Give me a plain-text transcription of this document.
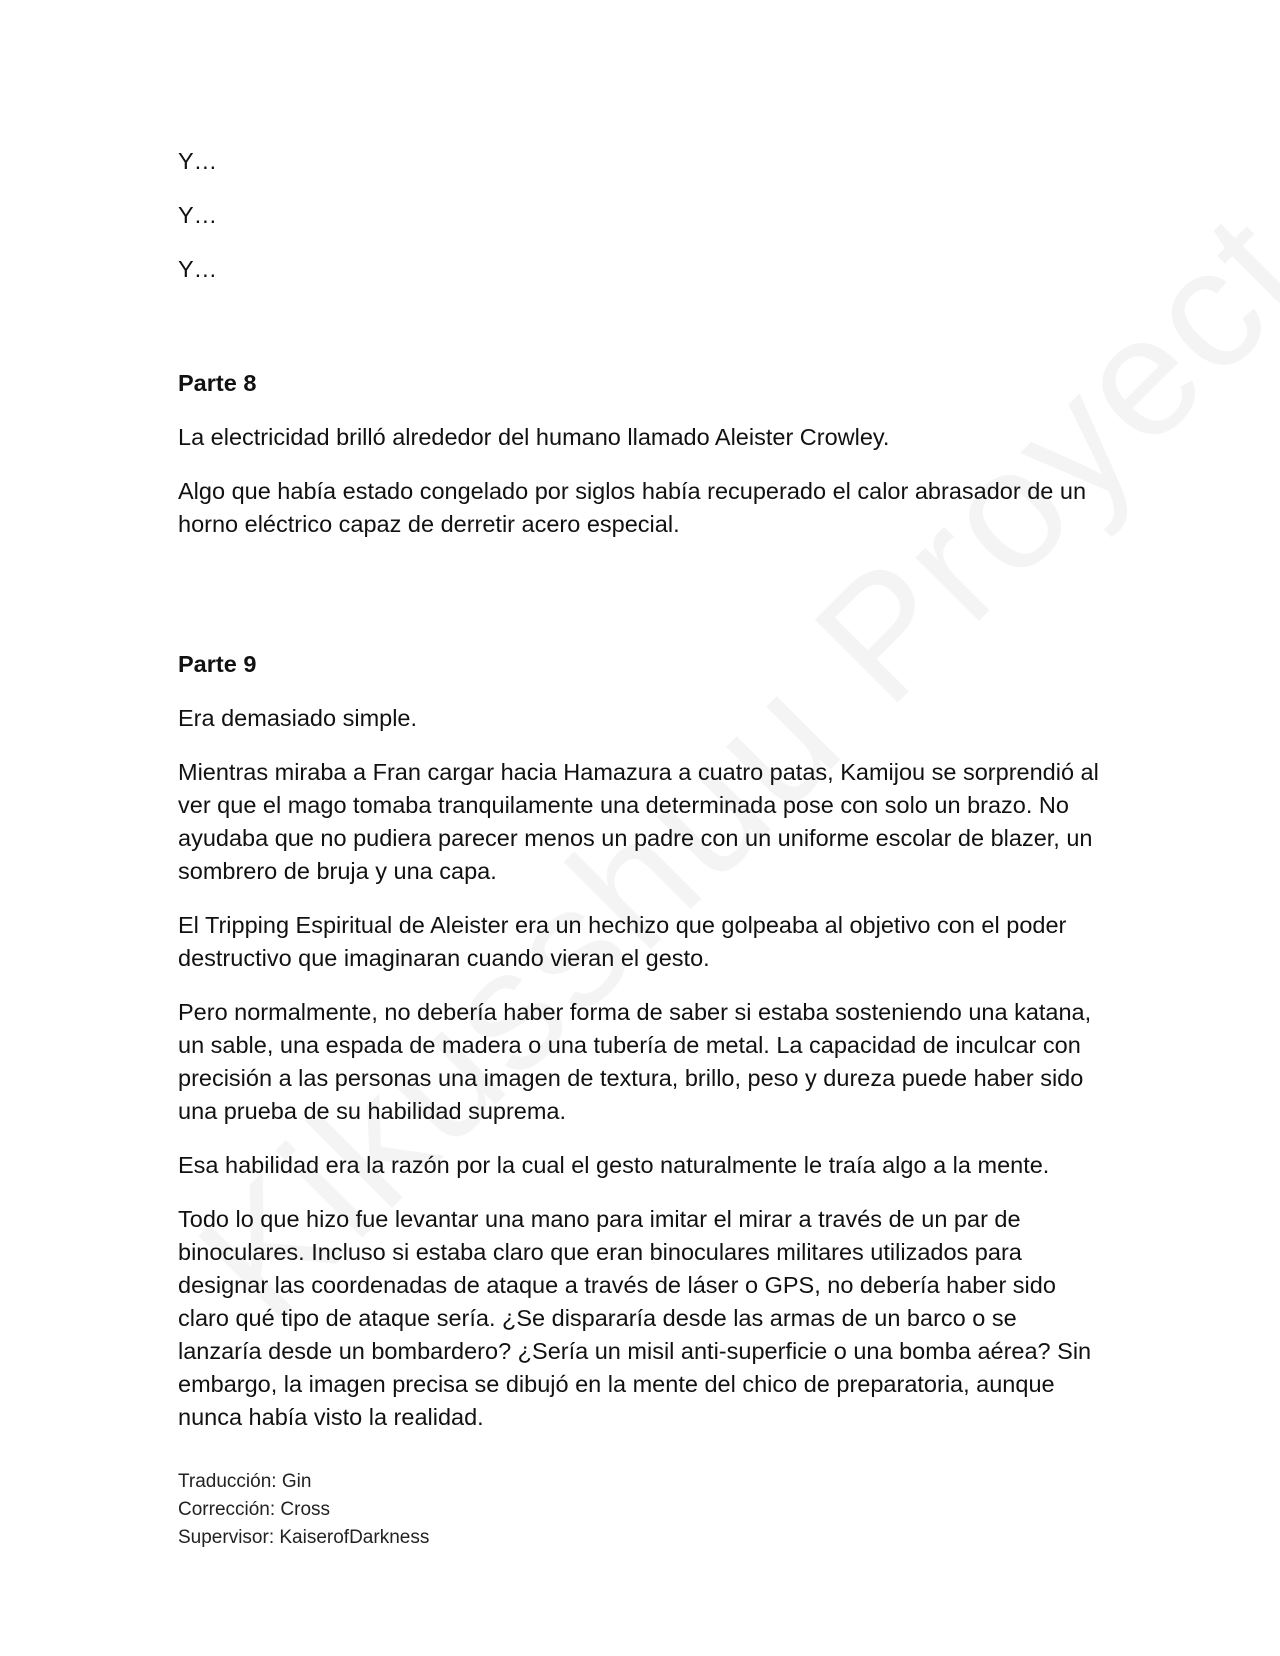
Y…

Y…

Y…

Parte 8

La electricidad brilló alrededor del humano llamado Aleister Crowley.

Algo que había estado congelado por siglos había recuperado el calor abrasador de un horno eléctrico capaz de derretir acero especial.

Parte 9

Era demasiado simple.

Mientras miraba a Fran cargar hacia Hamazura a cuatro patas, Kamijou se sorprendió al ver que el mago tomaba tranquilamente una determinada pose con solo un brazo. No ayudaba que no pudiera parecer menos un padre con un uniforme escolar de blazer, un sombrero de bruja y una capa.

El Tripping Espiritual de Aleister era un hechizo que golpeaba al objetivo con el poder destructivo que imaginaran cuando vieran el gesto.

Pero normalmente, no debería haber forma de saber si estaba sosteniendo una katana, un sable, una espada de madera o una tubería de metal. La capacidad de inculcar con precisión a las personas una imagen de textura, brillo, peso y dureza puede haber sido una prueba de su habilidad suprema.

Esa habilidad era la razón por la cual el gesto naturalmente le traía algo a la mente.

Todo lo que hizo fue levantar una mano para imitar el mirar a través de un par de binoculares. Incluso si estaba claro que eran binoculares militares utilizados para designar las coordenadas de ataque a través de láser o GPS, no debería haber sido claro qué tipo de ataque sería. ¿Se dispararía desde las armas de un barco o se lanzaría desde un bombardero? ¿Sería un misil anti-superficie o una bomba aérea? Sin embargo, la imagen precisa se dibujó en la mente del chico de preparatoria, aunque nunca había visto la realidad.

Traducción: Gin
Corrección: Cross
Supervisor: KaiserofDarkness
